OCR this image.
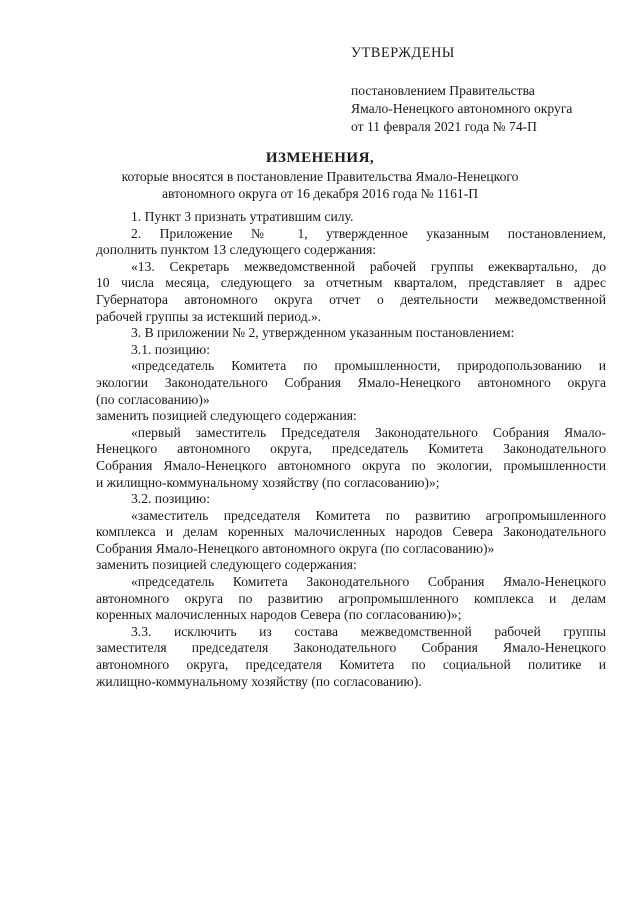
УТВЕРЖДЕНЫ
постановлением Правительства
Ямало-Ненецкого автономного округа
от 11 февраля 2021 года № 74-П
ИЗМЕНЕНИЯ,
которые вносятся в постановление Правительства Ямало-Ненецкого
автономного округа от 16 декабря 2016 года № 1161-П

1. Пункт 3 признать утратившим силу.

2. Приложение № 1, утвержденное указанным постановлением,
дополнить пунктом 13 следующего содержания:
«13. Секретарь межведомственной рабочей группы ежеквартально, до
10 числа месяца, следующего за отчетным кварталом, представляет в адрес
Губернатора автономного округа отчет о деятельности межведомственной
рабочей группы за истекший период.».

3. В приложении № 2, утвержденном указанным постановлением:

3.1. позицию:

«председатель Комитета по промышленности, природопользованию и
экологии Законодательного Собрания Ямало-Ненецкого автономного округа
(по согласованию)»

заменить позицией следующего содержания:

«первый заместитель Председателя Законодательного Собрания Ямало-
Ненецкого автономного округа, председатель Комитета Законодательного
Собрания Ямало-Ненецкого автономного округа по экологии, промышленности
и жилищно-коммунальному хозяйству (по согласованию)»;

3.2. позицию:

«заместитель председателя Комитета по развитию агропромышленного
комплекса и делам коренных малочисленных народов Севера Законодательного
Собрания Ямало-Ненецкого автономного округа (по согласованию)»

заменить позицией следующего содержания:

«председатель Комитета Законодательного Собрания Ямало-Ненецкого
автономного округа по развитию агропромышленного комплекса и делам
коренных малочисленных народов Севера (по согласованию)»;
3.3. исключить из состава межведомственной рабочей группы
заместителя председателя Законодательного Собрания Ямало-Ненецкого
автономного округа, председателя Комитета по социальной политике и
жилищно-коммунальному хозяйству (по согласованию).
